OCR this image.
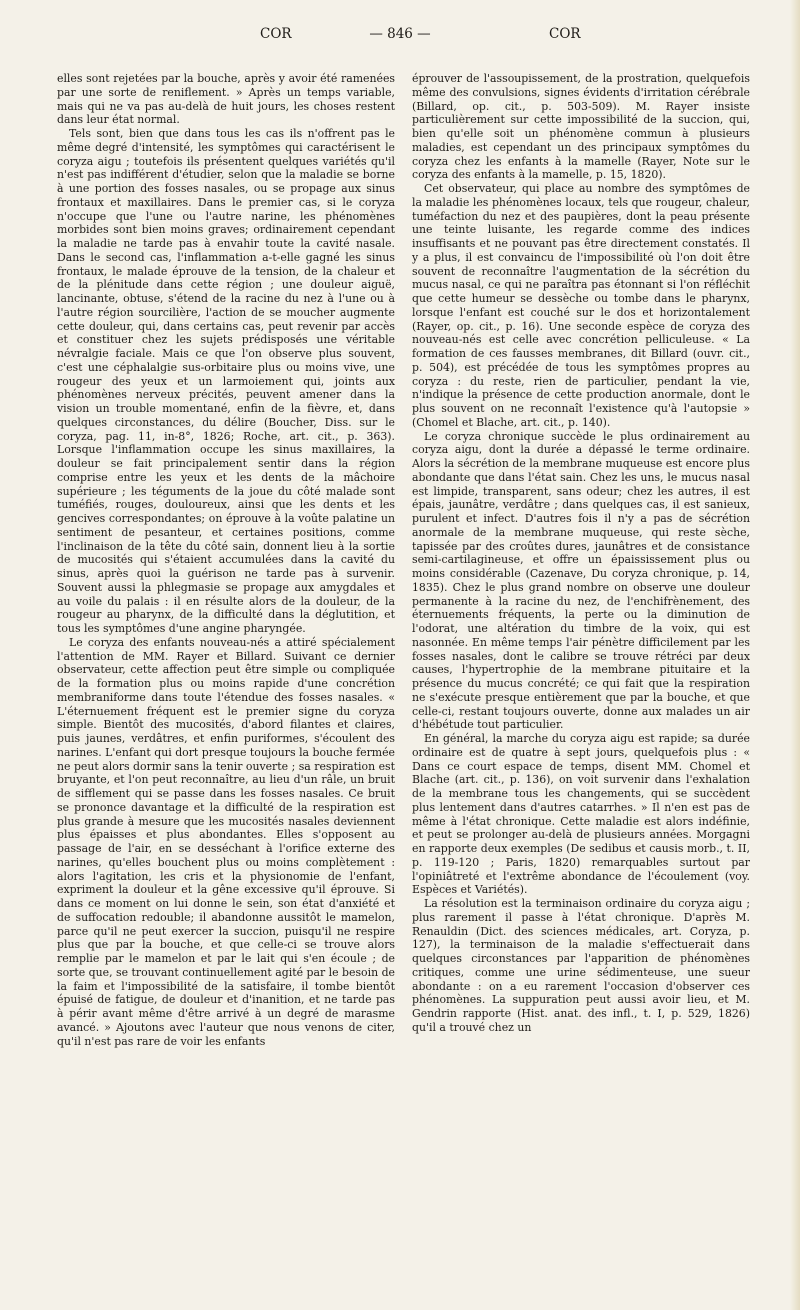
COR	— 846 —	COR

elles sont rejetées par la bouche, après y avoir été ramenées par une sorte de reniflement. » Après un temps variable, mais qui ne va pas au-delà de huit jours, les choses restent dans leur état normal.

Tels sont, bien que dans tous les cas ils n'offrent pas le même degré d'intensité, les symptômes qui caractérisent le coryza aigu ; toutefois ils présentent quelques variétés qu'il n'est pas indifférent d'étudier, selon que la maladie se borne à une portion des fosses nasales, ou se propage aux sinus frontaux et maxillaires. Dans le premier cas, si le coryza n'occupe que l'une ou l'autre narine, les phénomènes morbides sont bien moins graves; ordinairement cependant la maladie ne tarde pas à envahir toute la cavité nasale. Dans le second cas, l'inflammation a-t-elle gagné les sinus frontaux, le malade éprouve de la tension, de la chaleur et de la plénitude dans cette région ; une douleur aiguë, lancinante, obtuse, s'étend de la racine du nez à l'une ou à l'autre région sourcilière, l'action de se moucher augmente cette douleur, qui, dans certains cas, peut revenir par accès et constituer chez les sujets prédisposés une véritable névralgie faciale. Mais ce que l'on observe plus souvent, c'est une céphalalgie sus-orbitaire plus ou moins vive, une rougeur des yeux et un larmoiement qui, joints aux phénomènes nerveux précités, peuvent amener dans la vision un trouble momentané, enfin de la fièvre, et, dans quelques circonstances, du délire (Boucher, Diss. sur le coryza, pag. 11, in-8°, 1826; Roche, art. cit., p. 363). Lorsque l'inflammation occupe les sinus maxillaires, la douleur se fait principalement sentir dans la région comprise entre les yeux et les dents de la mâchoire supérieure ; les téguments de la joue du côté malade sont tuméfiés, rouges, douloureux, ainsi que les dents et les gencives correspondantes; on éprouve à la voûte palatine un sentiment de pesanteur, et certaines positions, comme l'inclinaison de la tête du côté sain, donnent lieu à la sortie de mucosités qui s'étaient accumulées dans la cavité du sinus, après quoi la guérison ne tarde pas à survenir. Souvent aussi la phlegmasie se propage aux amygdales et au voile du palais : il en résulte alors de la douleur, de la rougeur au pharynx, de la difficulté dans la déglutition, et tous les symptômes d'une angine pharyngée.

Le coryza des enfants nouveau-nés a attiré spécialement l'attention de MM. Rayer et Billard. Suivant ce dernier observateur, cette affection peut être simple ou compliquée de la formation plus ou moins rapide d'une concrétion membraniforme dans toute l'étendue des fosses nasales. « L'éternuement fréquent est le premier signe du coryza simple. Bientôt des mucosités, d'abord filantes et claires, puis jaunes, verdâtres, et enfin puriformes, s'écoulent des narines. L'enfant qui dort presque toujours la bouche fermée ne peut alors dormir sans la tenir ouverte ; sa respiration est bruyante, et l'on peut reconnaître, au lieu d'un râle, un bruit de sifflement qui se passe dans les fosses nasales. Ce bruit se prononce davantage et la difficulté de la respiration est plus grande à mesure que les mucosités nasales deviennent plus épaisses et plus abondantes. Elles s'opposent au passage de l'air, en se desséchant à l'orifice externe des narines, qu'elles bouchent plus ou moins complètement : alors l'agitation, les cris et la physionomie de l'enfant, expriment la douleur et la gêne excessive qu'il éprouve. Si dans ce moment on lui donne le sein, son état d'anxiété et de suffocation redouble; il abandonne aussitôt le mamelon, parce qu'il ne peut exercer la succion, puisqu'il ne respire plus que par la bouche, et que celle-ci se trouve alors remplie par le mamelon et par le lait qui s'en écoule ; de sorte que, se trouvant continuellement agité par le besoin de la faim et l'impossibilité de la satisfaire, il tombe bientôt épuisé de fatigue, de douleur et d'inanition, et ne tarde pas à périr avant même d'être arrivé à un degré de marasme avancé. » Ajoutons avec l'auteur que nous venons de citer, qu'il n'est pas rare de voir les enfants

éprouver de l'assoupissement, de la prostration, quelquefois même des convulsions, signes évidents d'irritation cérébrale (Billard, op. cit., p. 503-509). M. Rayer insiste particulièrement sur cette impossibilité de la succion, qui, bien qu'elle soit un phénomène commun à plusieurs maladies, est cependant un des principaux symptômes du coryza chez les enfants à la mamelle (Rayer, Note sur le coryza des enfants à la mamelle, p. 15, 1820).

Cet observateur, qui place au nombre des symptômes de la maladie les phénomènes locaux, tels que rougeur, chaleur, tuméfaction du nez et des paupières, dont la peau présente une teinte luisante, les regarde comme des indices insuffisants et ne pouvant pas être directement constatés. Il y a plus, il est convaincu de l'impossibilité où l'on doit être souvent de reconnaître l'augmentation de la sécrétion du mucus nasal, ce qui ne paraîtra pas étonnant si l'on réfléchit que cette humeur se dessèche ou tombe dans le pharynx, lorsque l'enfant est couché sur le dos et horizontalement (Rayer, op. cit., p. 16). Une seconde espèce de coryza des nouveau-nés est celle avec concrétion pelliculeuse. « La formation de ces fausses membranes, dit Billard (ouvr. cit., p. 504), est précédée de tous les symptômes propres au coryza : du reste, rien de particulier, pendant la vie, n'indique la présence de cette production anormale, dont le plus souvent on ne reconnaît l'existence qu'à l'autopsie » (Chomel et Blache, art. cit., p. 140).

Le coryza chronique succède le plus ordinairement au coryza aigu, dont la durée a dépassé le terme ordinaire. Alors la sécrétion de la membrane muqueuse est encore plus abondante que dans l'état sain. Chez les uns, le mucus nasal est limpide, transparent, sans odeur; chez les autres, il est épais, jaunâtre, verdâtre ; dans quelques cas, il est sanieux, purulent et infect. D'autres fois il n'y a pas de sécrétion anormale de la membrane muqueuse, qui reste sèche, tapissée par des croûtes dures, jaunâtres et de consistance semi-cartilagineuse, et offre un épaississement plus ou moins considérable (Cazenave, Du coryza chronique, p. 14, 1835). Chez le plus grand nombre on observe une douleur permanente à la racine du nez, de l'enchifrènement, des éternuements fréquents, la perte ou la diminution de l'odorat, une altération du timbre de la voix, qui est nasonnée. En même temps l'air pénètre difficilement par les fosses nasales, dont le calibre se trouve rétréci par deux causes, l'hypertrophie de la membrane pituitaire et la présence du mucus concrété; ce qui fait que la respiration ne s'exécute presque entièrement que par la bouche, et que celle-ci, restant toujours ouverte, donne aux malades un air d'hébétude tout particulier.

En général, la marche du coryza aigu est rapide; sa durée ordinaire est de quatre à sept jours, quelquefois plus : « Dans ce court espace de temps, disent MM. Chomel et Blache (art. cit., p. 136), on voit survenir dans l'exhalation de la membrane tous les changements, qui se succèdent plus lentement dans d'autres catarrhes. » Il n'en est pas de même à l'état chronique. Cette maladie est alors indéfinie, et peut se prolonger au-delà de plusieurs années. Morgagni en rapporte deux exemples (De sedibus et causis morb., t. II, p. 119-120 ; Paris, 1820) remarquables surtout par l'opiniâtreté et l'extrême abondance de l'écoulement (voy. Espèces et Variétés).

La résolution est la terminaison ordinaire du coryza aigu ; plus rarement il passe à l'état chronique. D'après M. Renauldin (Dict. des sciences médicales, art. Coryza, p. 127), la terminaison de la maladie s'effectuerait dans quelques circonstances par l'apparition de phénomènes critiques, comme une urine sédimenteuse, une sueur abondante : on a eu rarement l'occasion d'observer ces phénomènes. La suppuration peut aussi avoir lieu, et M. Gendrin rapporte (Hist. anat. des infl., t. I, p. 529, 1826) qu'il a trouvé chez un
